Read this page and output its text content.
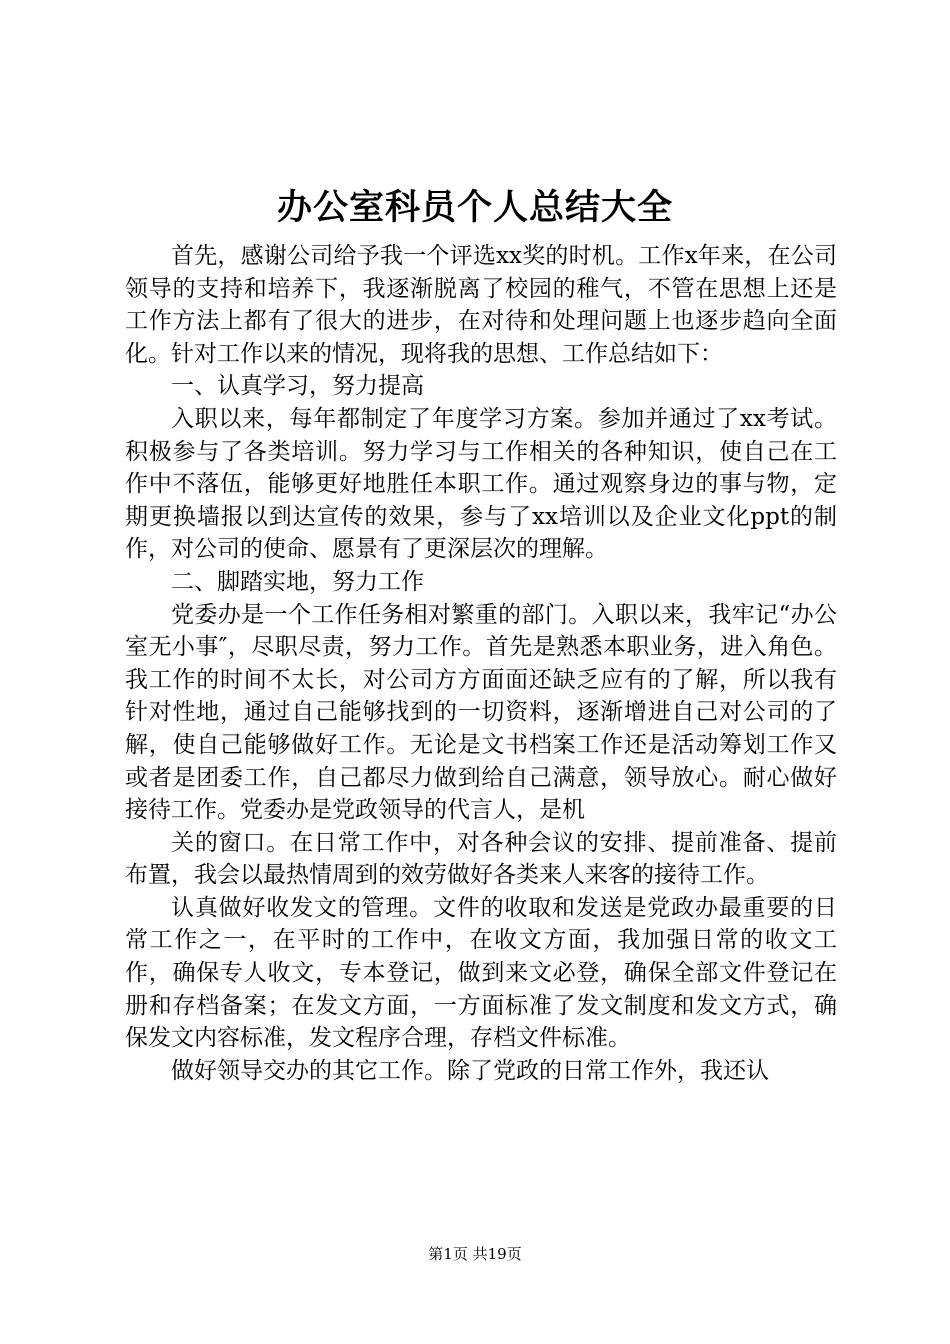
办公室科员个人总结大全

首先，感谢公司给予我一个评选xx奖的时机。工作x年来，在公司领导的支持和培养下，我逐渐脱离了校园的稚气，不管在思想上还是工作方法上都有了很大的进步，在对待和处理问题上也逐步趋向全面化。针对工作以来的情况，现将我的思想、工作总结如下：

一、认真学习，努力提高

入职以来，每年都制定了年度学习方案。参加并通过了xx考试。积极参与了各类培训。努力学习与工作相关的各种知识，使自己在工作中不落伍，能够更好地胜任本职工作。通过观察身边的事与物，定期更换墙报以到达宣传的效果，参与了xx培训以及企业文化ppt的制作，对公司的使命、愿景有了更深层次的理解。

二、脚踏实地，努力工作

党委办是一个工作任务相对繁重的部门。入职以来，我牢记“办公室无小事″，尽职尽责，努力工作。首先是熟悉本职业务，进入角色。我工作的时间不太长，对公司方方面面还缺乏应有的了解，所以我有针对性地，通过自己能够找到的一切资料，逐渐增进自己对公司的了解，使自己能够做好工作。无论是文书档案工作还是活动筹划工作又或者是团委工作，自己都尽力做到给自己满意，领导放心。耐心做好接待工作。党委办是党政领导的代言人，是机

关的窗口。在日常工作中，对各种会议的安排、提前准备、提前布置，我会以最热情周到的效劳做好各类来人来客的接待工作。

认真做好收发文的管理。文件的收取和发送是党政办最重要的日常工作之一，在平时的工作中，在收文方面，我加强日常的收文工作，确保专人收文，专本登记，做到来文必登，确保全部文件登记在册和存档备案；在发文方面，一方面标准了发文制度和发文方式，确保发文内容标准，发文程序合理，存档文件标准。

做好领导交办的其它工作。除了党政的日常工作外，我还认

第1页 共19页
